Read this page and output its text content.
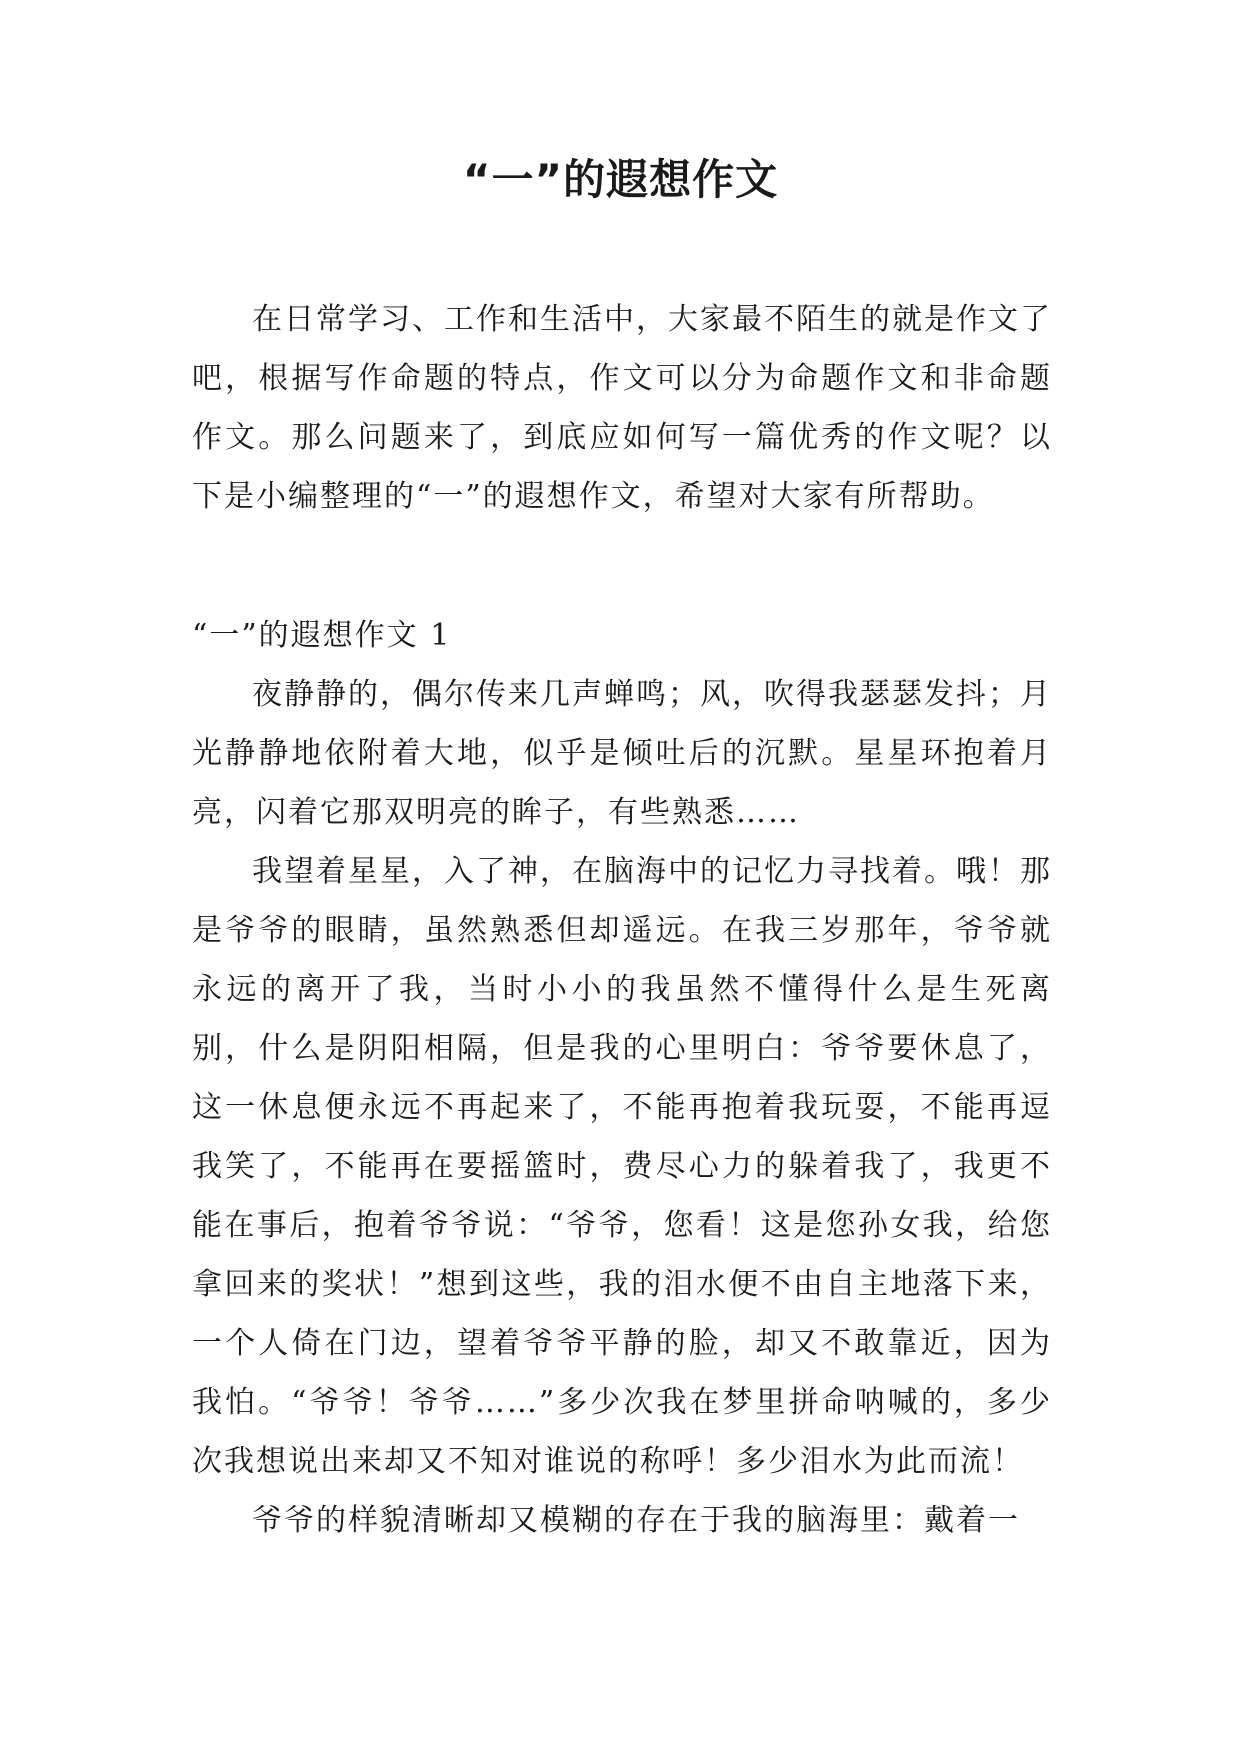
“一”的遐想作文

在日常学习、工作和生活中，大家最不陌生的就是作文了吧，根据写作命题的特点，作文可以分为命题作文和非命题作文。那么问题来了，到底应如何写一篇优秀的作文呢？以下是小编整理的“一”的遐想作文，希望对大家有所帮助。

“一”的遐想作文 1

夜静静的，偶尔传来几声蝉鸣；风，吹得我瑟瑟发抖；月光静静地依附着大地，似乎是倾吐后的沉默。星星环抱着月亮，闪着它那双明亮的眸子，有些熟悉……

我望着星星，入了神，在脑海中的记忆力寻找着。哦！那是爷爷的眼睛，虽然熟悉但却遥远。在我三岁那年，爷爷就永远的离开了我，当时小小的我虽然不懂得什么是生死离别，什么是阴阳相隔，但是我的心里明白：爷爷要休息了，这一休息便永远不再起来了，不能再抱着我玩耍，不能再逗我笑了，不能再在要摇篮时，费尽心力的躲着我了，我更不能在事后，抱着爷爷说：“爷爷，您看！这是您孙女我，给您拿回来的奖状！”想到这些，我的泪水便不由自主地落下来，一个人倚在门边，望着爷爷平静的脸，却又不敢靠近，因为我怕。“爷爷！爷爷……”多少次我在梦里拼命呐喊的，多少次我想说出来却又不知对谁说的称呼！多少泪水为此而流！

爷爷的样貌清晰却又模糊的存在于我的脑海里：戴着一
